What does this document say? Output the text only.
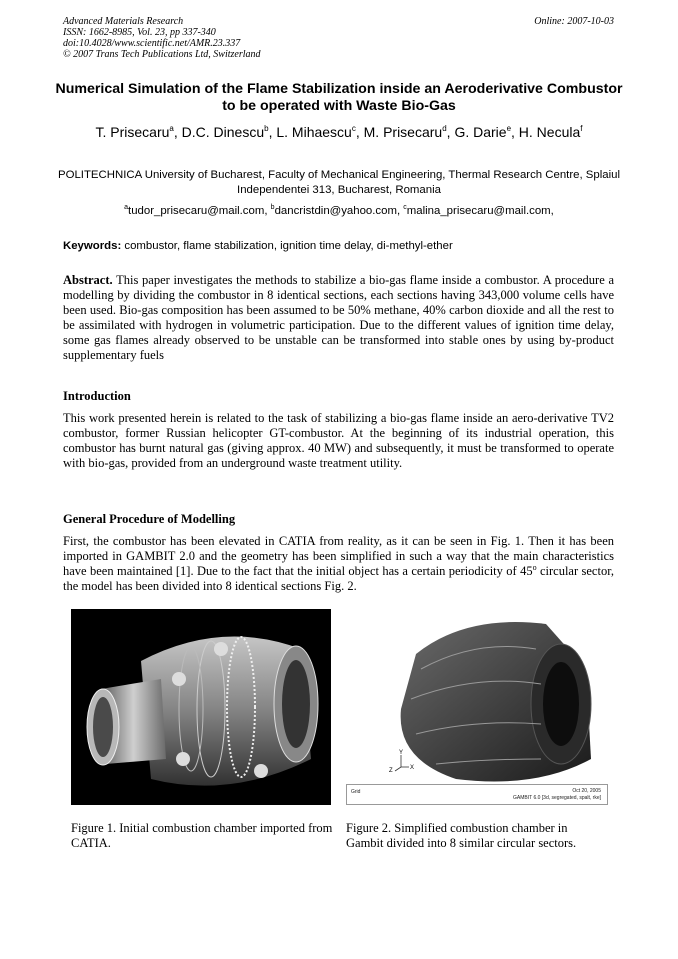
Advanced Materials Research
ISSN: 1662-8985, Vol. 23, pp 337-340
doi:10.4028/www.scientific.net/AMR.23.337
© 2007 Trans Tech Publications Ltd, Switzerland
Online: 2007-10-03
Numerical Simulation of the Flame Stabilization inside an Aeroderivative Combustor to be operated with Waste Bio-Gas
T. Prisecaru$^a$, D.C. Dinescu$^b$, L. Mihaescu$^c$, M. Prisecaru$^d$, G. Darie$^e$, H. Necula$^f$
POLITECHNICA University of Bucharest, Faculty of Mechanical Engineering, Thermal Research Centre, Splaiul Independentei 313, Bucharest, Romania
$^a$tudor_prisecaru@mail.com, $^b$dancristdin@yahoo.com, $^c$malina_prisecaru@mail.com,
Keywords: combustor, flame stabilization, ignition time delay, di-methyl-ether
Abstract. This paper investigates the methods to stabilize a bio-gas flame inside a combustor. A procedure a modelling by dividing the combustor in 8 identical sections, each sections having 343,000 volume cells have been used. Bio-gas composition has been assumed to be 50% methane, 40% carbon dioxide and all the rest to be assimilated with hydrogen in volumetric participation. Due to the different values of ignition time delay, some gas flames already observed to be unstable can be transformed into stable ones by using by-product supplementary fuels
Introduction
This work presented herein is related to the task of stabilizing a bio-gas flame inside an aero-derivative TV2 combustor, former Russian helicopter GT-combustor. At the beginning of its industrial operation, this combustor has burnt natural gas (giving approx. 40 MW) and subsequently, it must be transformed to operate with bio-gas, provided from an underground waste treatment utility.
General Procedure of Modelling
First, the combustor has been elevated in CATIA from reality, as it can be seen in Fig. 1. Then it has been imported in GAMBIT 2.0 and the geometry has been simplified in such a way that the main characteristics have been maintained [1]. Due to the fact that the initial object has a certain periodicity of 45$^o$ circular sector, the model has been divided into 8 identical sections Fig. 2.
Y
X
Z
Grid	Oct 20, 2005
GAMBIT 6.0 [3d, segregated, spalt, rke]
Figure 1. Initial combustion chamber imported from CATIA.
Figure 2. Simplified combustion chamber in Gambit divided into 8 similar circular sectors.
